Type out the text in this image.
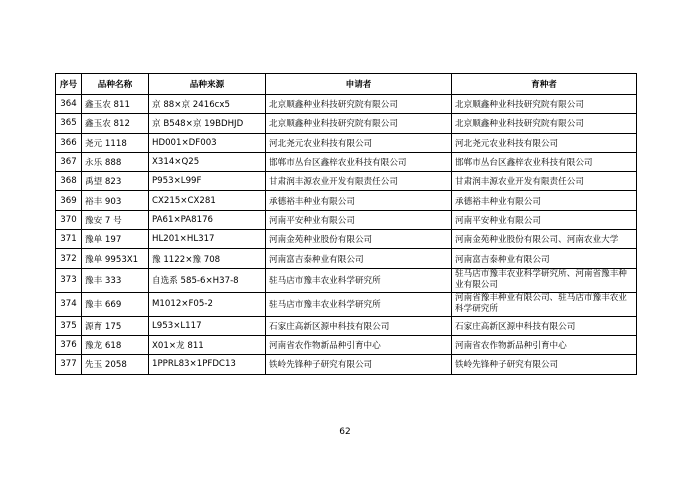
序号	品种名称	品种来源	申请者	育种者
364	鑫玉农 811	京 88×京 2416cx5	北京顺鑫种业科技研究院有限公司	北京顺鑫种业科技研究院有限公司
365	鑫玉农 812	京 B548×京 19BDHJD	北京顺鑫种业科技研究院有限公司	北京顺鑫种业科技研究院有限公司
366	尧元 1118	HD001×DF003	河北尧元农业科技有限公司	河北尧元农业科技有限公司
367	永乐 888	X314×Q25	邯郸市丛台区鑫梓农业科技有限公司	邯郸市丛台区鑫梓农业科技有限公司
368	禹望 823	P953×L99F	甘肃润丰源农业开发有限责任公司	甘肃润丰源农业开发有限责任公司
369	裕丰 903	CX215×CX281	承德裕丰种业有限公司	承德裕丰种业有限公司
370	豫安 7 号	PA61×PA8176	河南平安种业有限公司	河南平安种业有限公司
371	豫单 197	HL201×HL317	河南金苑种业股份有限公司	河南金苑种业股份有限公司、河南农业大学
372	豫单 9953X1	豫 1122×豫 708	河南富吉泰种业有限公司	河南富吉泰种业有限公司
373	豫丰 333	自选系 585-6×H37-8	驻马店市豫丰农业科学研究所	驻马店市豫丰农业科学研究所、河南省豫丰种业有限公司
374	豫丰 669	M1012×F05-2	驻马店市豫丰农业科学研究所	河南省豫丰种业有限公司、驻马店市豫丰农业科学研究所
375	源育 175	L953×L117	石家庄高新区源申科技有限公司	石家庄高新区源申科技有限公司
376	豫龙 618	X01×龙 811	河南省农作物新品种引育中心	河南省农作物新品种引育中心
377	先玉 2058	1PPRL83×1PFDC13	铁岭先锋种子研究有限公司	铁岭先锋种子研究有限公司
62
